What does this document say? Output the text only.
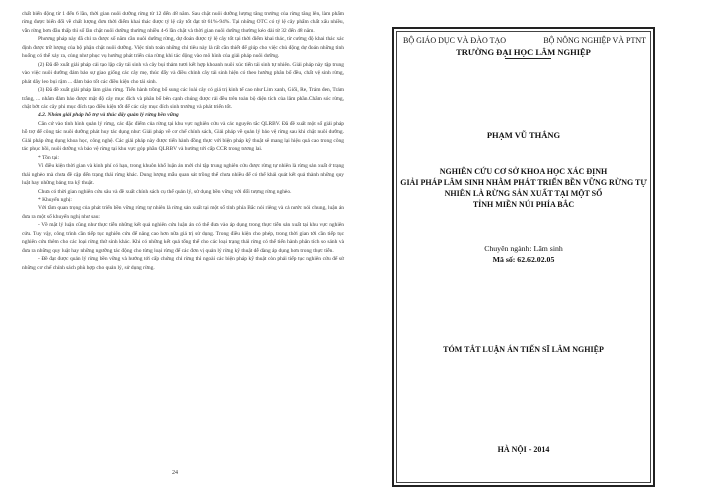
chất biến động từ 1 đến 6 lần, thời gian nuôi dưỡng rừng từ 12 đến 48 năm. Sau chặt nuôi dưỡng lượng tăng trưởng của rừng tăng lên, làm phẩm rừng được biến đổi về chất lượng đơn thời điểm khai thác được tỷ lệ cây tốt đạt từ 61%-94%. Tại những OTC có tỷ lệ cây phẩm chất xấu nhiều, vẫn rừng bơn đầu thấp thì số lần chặt nuôi dưỡng thường nhiều 4-6 lần chặt và thời gian nuôi dưỡng thường kéo dài từ 32 đến 48 năm.

Phương pháp này đã chỉ ra được số năm cần nuôi dưỡng rừng, dự đoán được tỷ lệ cây tốt tại thời điểm khai thác, từ cường độ khai thác xác định được trữ lượng của bộ phận chặt nuôi dưỡng. Việc tính toán những chỉ tiêu này là rất cần thiết để giúp cho việc chủ động dự đoán những tình huống có thể xảy ra, củng như phục vụ hướng phát triển của rừng khi tác động vào mô hình của giải pháp nuôi dưỡng.

(2) Đã đề xuất giải pháp cải tạo lập cây tái sinh và cây bụi thảm tươi kết hợp khoanh nuôi xúc tiến tái sinh tự nhiên. Giải pháp này tập trung vào việc nuôi dưỡng đám bảo sự giao giống các cây mẹ, thúc đẩy và điều chỉnh cây tái sinh hiện có theo hướng phân bố đều, chất vệ sinh rừng, phát dây leo bụi rậm ... đảm bảo tốt các điều kiện cho tái sinh.

(3) Đã đề xuất giải pháp làm giàu rừng. Tiến hành trồng bổ sung các loài cây có giá trị kinh tế cao như Lim xanh, Giổi, Re, Trám đen, Trám trắng, ... nhằm đảm bảo được mật độ cây mục đích và phân bố bên cạnh chúng được rải đều trên toàn bộ diện tích của lâm phần.Chăm sóc rừng, chặt bớt các cây phi mục đích tạo điều kiện tốt để các cây mục đích sinh trưởng và phát triển tốt.

4.2. Nhóm giải pháp hỗ trợ và thúc đẩy quản lý rừng bền vững

Căn cứ vào tình hình quản lý rừng, các đặc điểm của rừng tại khu vực nghiên cứu và các nguyên tắc QLRBV. Đã đề xuất một số giải pháp hỗ trợ để công tác nuôi dưỡng phát huy tác dụng như: Giải pháp về cơ chế chính sách, Giải pháp về quản lý bảo vệ rừng sau khi chặt nuôi dưỡng. Giải pháp ứng dụng khoa học, công nghệ. Các giải pháp này được tiến hành đồng thực với biện pháp kỹ thuật sẽ mang lại hiệu quả cao trong công tác phục hồi, nuôi dưỡng và bảo vệ rừng tại khu vực góp phần QLRBV và hướng tới cấp CCR trong tương lai.

* Tồn tại:

Vì điều kiện thời gian và kinh phí có hạn, trong khuôn khổ luận án mới chỉ tập trung nghiên cứu được rừng tự nhiên là rừng sản xuất ở trạng thái nghèo mà chưa đề cập đến trạng thái rừng khác. Dung lượng mẫu quan sát trồng thể chưa nhiều để có thể khái quát kết quả thành những quy luật hay những bảng tra kỹ thuật.

Chưa có thời gian nghiên cứu sâu và đề xuất chính sách cụ thể quản lý, sử dụng bền vững với đối tượng rừng nghèo.

* Khuyến nghị:

Với tầm quan trọng của phát triển bền vững rừng tự nhiên là rừng sản xuất tại một số tỉnh phía Bắc nói riêng và cả nước nói chung, luận án đưa ra một số khuyến nghị như sau:

- Về mặt lý luận cũng như thực tiễn những kết quả nghiên cứu luận án có thể đưa vào áp dụng trong thực tiễn sản xuất tại khu vực nghiên cứu. Tuy vậy, công trình cần tiếp tục nghiên cứu để nâng cao hơn nữa giá trị sử dụng. Trong điều kiện cho phép, trong thời gian tới cần tiếp tục nghiên cứu thêm cho các loại rừng thứ sinh khác. Khi có những kết quả tổng thể cho các loại trạng thái rừng có thể tiến hành phân tích so sánh và đưa ra những quy luật hay những ngưỡng tác động cho từng loại rừng để các đơn vị quản lý rừng kỹ thuật dễ dàng áp dụng hơn trong thực tiễn.

- Đề đạt được quản lý rừng bền vững và hướng tới cấp chứng chỉ rừng thì ngoài các biện pháp kỹ thuật còn phải tiếp tục nghiên cứu để sử những cơ chế chính sách phù hợp cho quản lý, sử dụng rừng.

24
BỘ GIÁO DỤC VÀ ĐÀO TẠO	BỘ NÔNG NGHIỆP VÀ PTNT
TRƯỜNG ĐẠI HỌC LÂM NGHIỆP
PHẠM VŨ THẮNG
NGHIÊN CỨU CƠ SỞ KHOA HỌC XÁC ĐỊNH
GIẢI PHÁP LÂM SINH NHẰM PHÁT TRIỂN BỀN VỮNG RỪNG TỰ
NHIÊN LÀ RỪNG SẢN XUẤT TẠI MỘT SỐ
TỈNH MIỀN NÚI PHÍA BẮC
Chuyên ngành: Lâm sinh
Mã số: 62.62.02.05
TÓM TẮT LUẬN ÁN TIẾN SĨ LÂM NGHIỆP
HÀ NỘI - 2014
